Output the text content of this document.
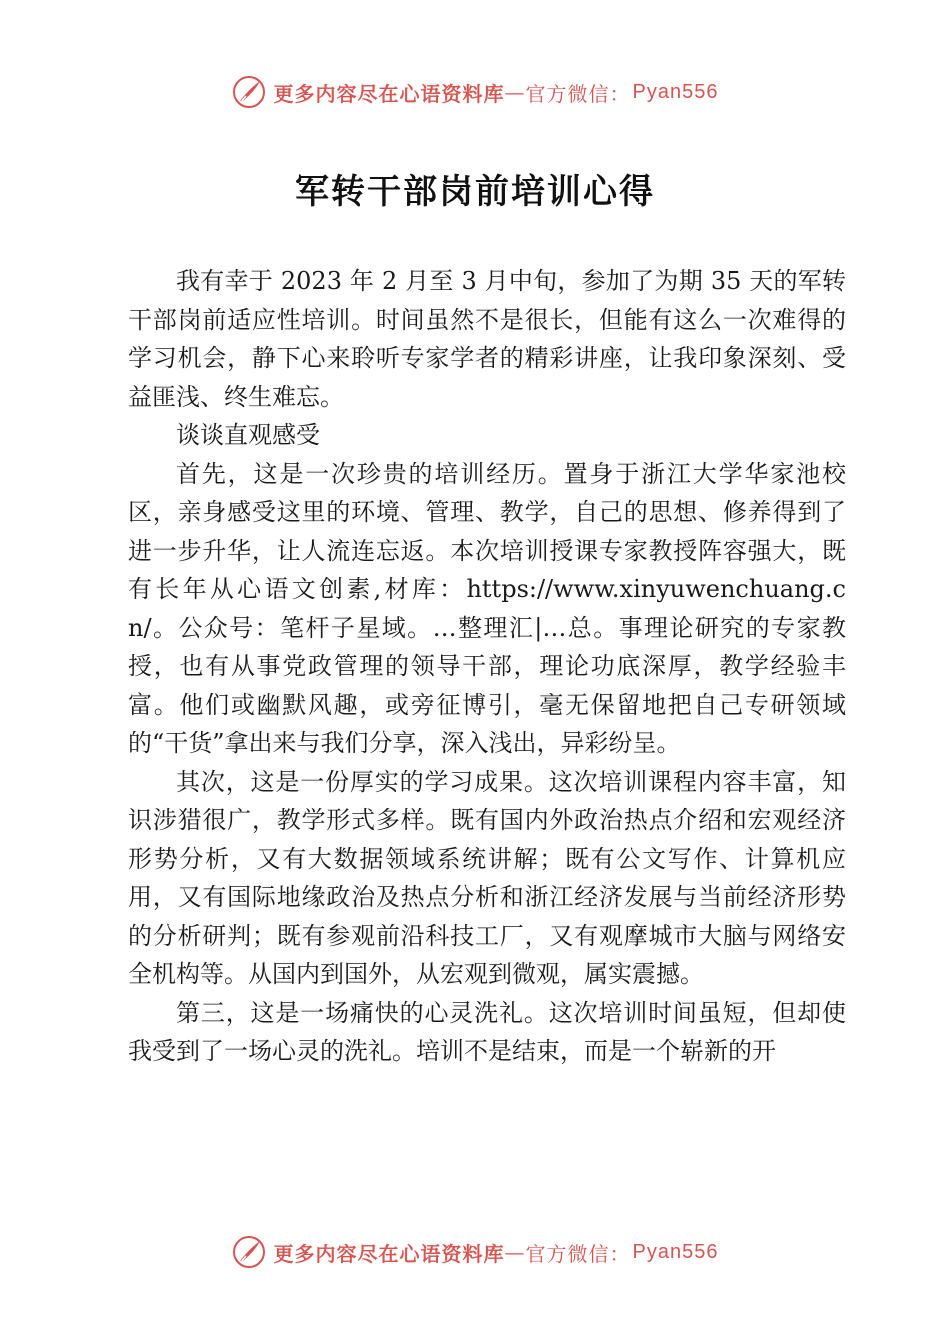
更多内容尽在心语资料库 — 官方微信： Pyan556
军转干部岗前培训心得

我有幸于 2023 年 2 月至 3 月中旬，参加了为期 35 天的军转干部岗前适应性培训。时间虽然不是很长，但能有这么一次难得的学习机会，静下心来聆听专家学者的精彩讲座，让我印象深刻、受益匪浅、终生难忘。

谈谈直观感受

首先，这是一次珍贵的培训经历。置身于浙江大学华家池校区，亲身感受这里的环境、管理、教学，自己的思想、修养得到了进一步升华，让人流连忘返。本次培训授课专家教授阵容强大，既有长年从心语文创素,材库：https://www.xinyuwenchuang.cn/。公众号：笔杆子星域。…整理汇|…总。事理论研究的专家教授，也有从事党政管理的领导干部，理论功底深厚，教学经验丰富。他们或幽默风趣，或旁征博引，毫无保留地把自己专研领域的“干货”拿出来与我们分享，深入浅出，异彩纷呈。

其次，这是一份厚实的学习成果。这次培训课程内容丰富，知识涉猎很广，教学形式多样。既有国内外政治热点介绍和宏观经济形势分析，又有大数据领域系统讲解；既有公文写作、计算机应用，又有国际地缘政治及热点分析和浙江经济发展与当前经济形势的分析研判；既有参观前沿科技工厂，又有观摩城市大脑与网络安全机构等。从国内到国外，从宏观到微观，属实震撼。

第三，这是一场痛快的心灵洗礼。这次培训时间虽短，但却使我受到了一场心灵的洗礼。培训不是结束，而是一个崭新的开

更多内容尽在心语资料库 — 官方微信： Pyan556
